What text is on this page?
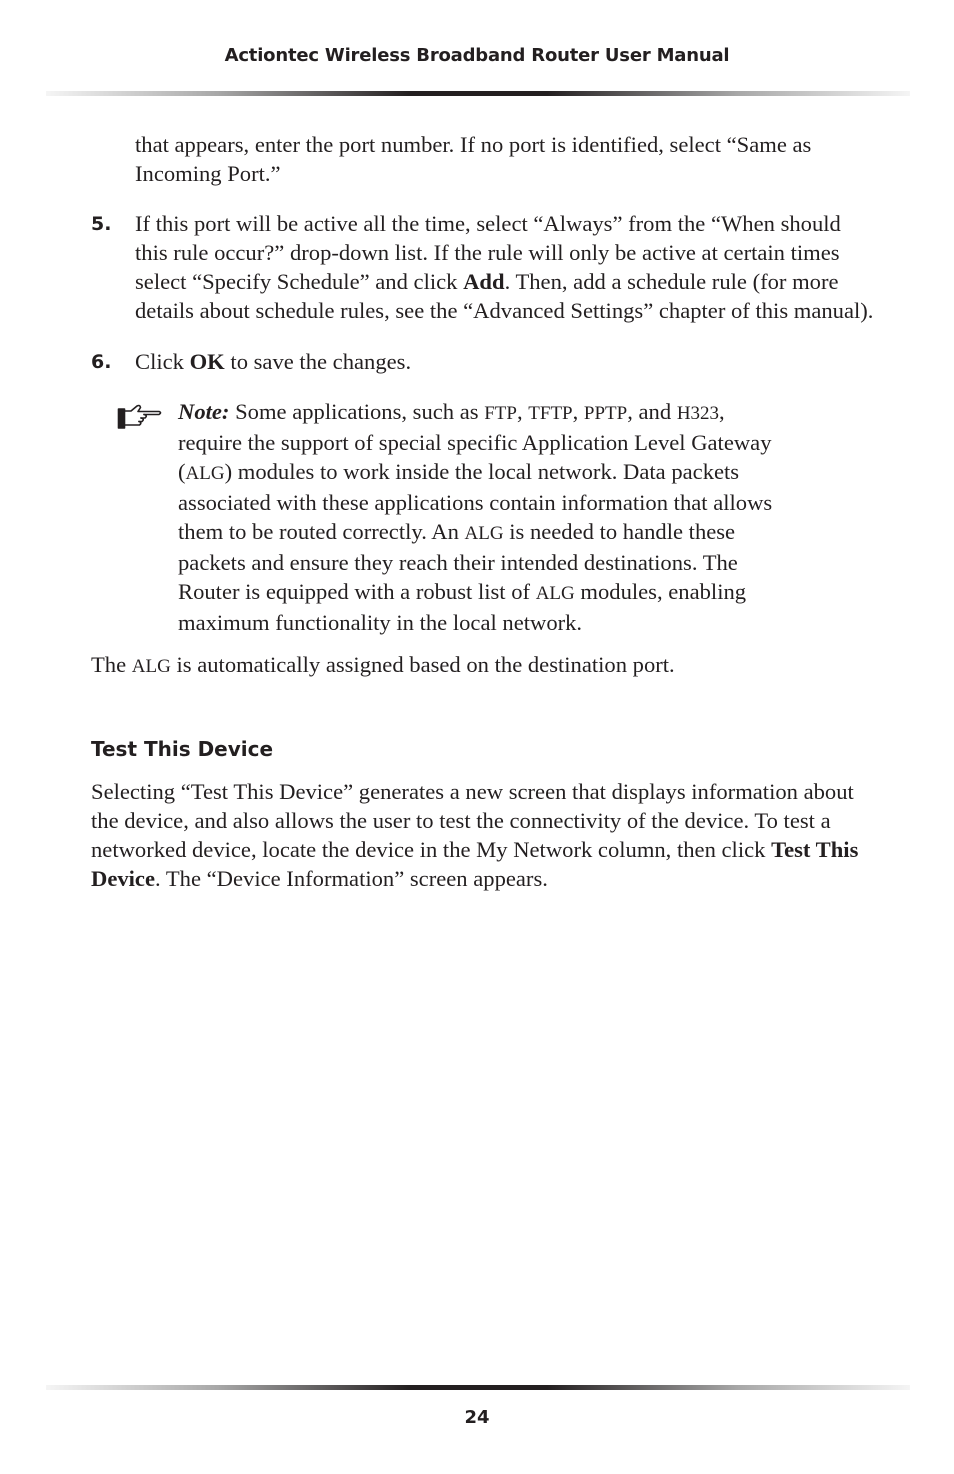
Actiontec Wireless Broadband Router User Manual

that appears, enter the port number. If no port is identified, select “Same as Incoming Port.”

5. If this port will be active all the time, select “Always” from the “When should this rule occur?” drop-down list. If the rule will only be active at certain times select “Specify Schedule” and click Add. Then, add a schedule rule (for more details about schedule rules, see the “Advanced Settings” chapter of this manual).

6. Click OK to save the changes.

Note: Some applications, such as FTP, TFTP, PPTP, and H323, require the support of special specific Application Level Gateway (ALG) modules to work inside the local network. Data packets associated with these applications contain information that allows them to be routed correctly. An ALG is needed to handle these packets and ensure they reach their intended destinations. The Router is equipped with a robust list of ALG modules, enabling maximum functionality in the local network.

The ALG is automatically assigned based on the destination port.

Test This Device

Selecting “Test This Device” generates a new screen that displays information about the device, and also allows the user to test the connectivity of the device. To test a networked device, locate the device in the My Network column, then click Test This Device. The “Device Information” screen appears.

24
